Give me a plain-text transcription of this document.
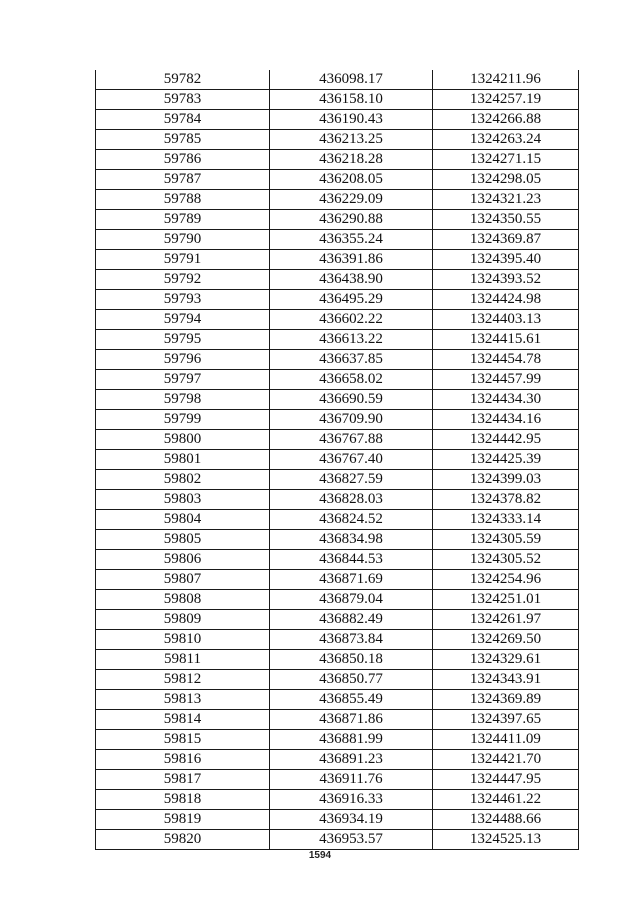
59782	436098.17	1324211.96
59783	436158.10	1324257.19
59784	436190.43	1324266.88
59785	436213.25	1324263.24
59786	436218.28	1324271.15
59787	436208.05	1324298.05
59788	436229.09	1324321.23
59789	436290.88	1324350.55
59790	436355.24	1324369.87
59791	436391.86	1324395.40
59792	436438.90	1324393.52
59793	436495.29	1324424.98
59794	436602.22	1324403.13
59795	436613.22	1324415.61
59796	436637.85	1324454.78
59797	436658.02	1324457.99
59798	436690.59	1324434.30
59799	436709.90	1324434.16
59800	436767.88	1324442.95
59801	436767.40	1324425.39
59802	436827.59	1324399.03
59803	436828.03	1324378.82
59804	436824.52	1324333.14
59805	436834.98	1324305.59
59806	436844.53	1324305.52
59807	436871.69	1324254.96
59808	436879.04	1324251.01
59809	436882.49	1324261.97
59810	436873.84	1324269.50
59811	436850.18	1324329.61
59812	436850.77	1324343.91
59813	436855.49	1324369.89
59814	436871.86	1324397.65
59815	436881.99	1324411.09
59816	436891.23	1324421.70
59817	436911.76	1324447.95
59818	436916.33	1324461.22
59819	436934.19	1324488.66
59820	436953.57	1324525.13
1594
